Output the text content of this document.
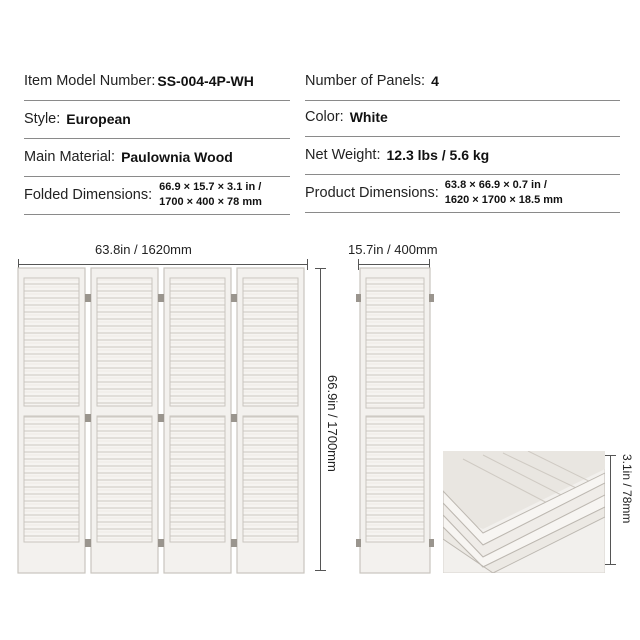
Item Model Number: SS-004-4P-WH	Number of Panels: 4
Style: European	Color: White
Main Material: Paulownia Wood	Net Weight: 12.3 lbs / 5.6 kg
Folded Dimensions: 66.9 × 15.7 × 3.1 in /
1700 × 400 × 78 mm
Product Dimensions: 63.8 × 66.9 × 0.7 in /
1620 × 1700 × 18.5 mm
63.8in / 1620mm
66.9in / 1700mm
15.7in / 400mm
3.1in / 78mm
